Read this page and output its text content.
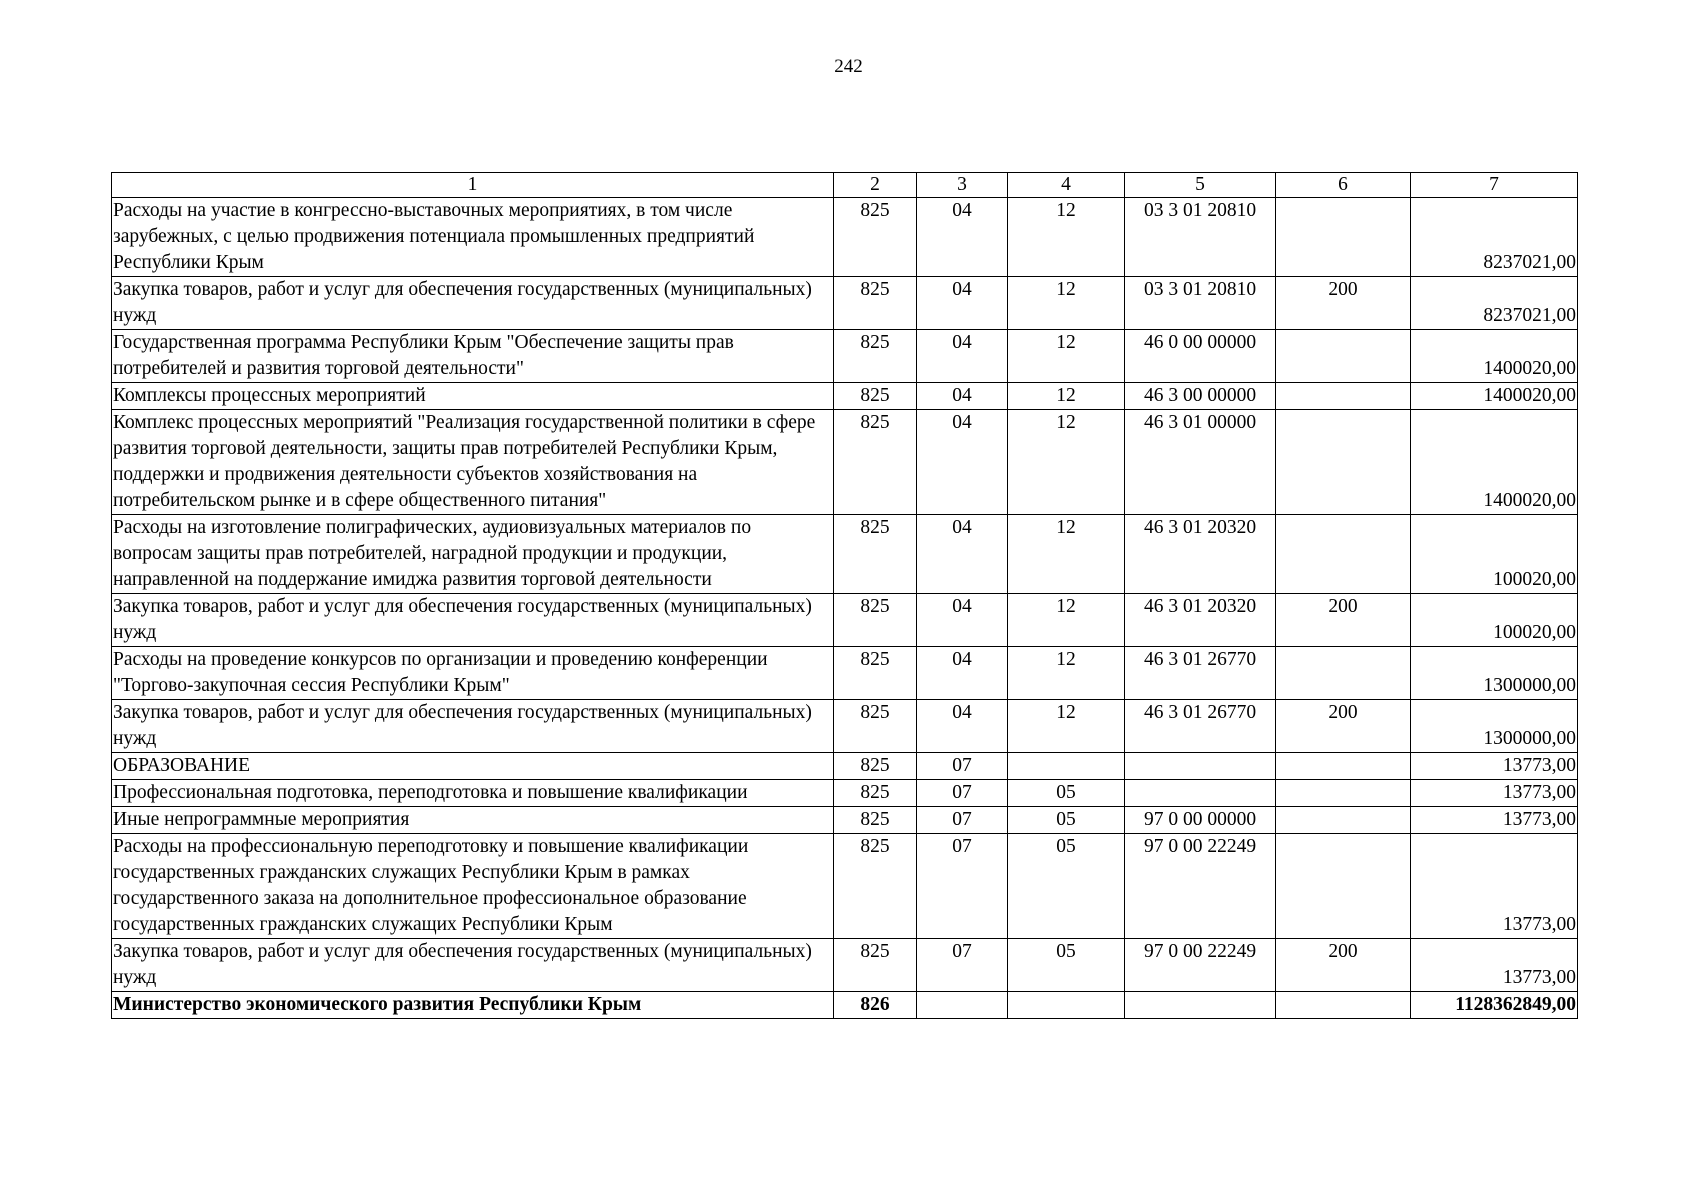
242
1	2	3	4	5	6	7
Расходы на участие в конгрессно-выставочных мероприятиях, в том числе зарубежных, с целью продвижения потенциала промышленных предприятий Республики Крым	825	04	12	03 3 01 20810		8237021,00
Закупка товаров, работ и услуг для обеспечения государственных (муниципальных) нужд	825	04	12	03 3 01 20810	200	8237021,00
Государственная программа Республики Крым "Обеспечение защиты прав потребителей и развития торговой деятельности"	825	04	12	46 0 00 00000		1400020,00
Комплексы процессных мероприятий	825	04	12	46 3 00 00000		1400020,00
Комплекс процессных мероприятий "Реализация государственной политики в сфере развития торговой деятельности, защиты прав потребителей Республики Крым, поддержки и продвижения деятельности субъектов хозяйствования на потребительском рынке и в сфере общественного питания"	825	04	12	46 3 01 00000		1400020,00
Расходы на изготовление полиграфических, аудиовизуальных материалов по вопросам защиты прав потребителей, наградной продукции и продукции, направленной на поддержание имиджа развития торговой деятельности	825	04	12	46 3 01 20320		100020,00
Закупка товаров, работ и услуг для обеспечения государственных (муниципальных) нужд	825	04	12	46 3 01 20320	200	100020,00
Расходы на проведение конкурсов по организации и проведению конференции "Торгово-закупочная сессия Республики Крым"	825	04	12	46 3 01 26770		1300000,00
Закупка товаров, работ и услуг для обеспечения государственных (муниципальных) нужд	825	04	12	46 3 01 26770	200	1300000,00
ОБРАЗОВАНИЕ	825	07				13773,00
Профессиональная подготовка, переподготовка и повышение квалификации	825	07	05			13773,00
Иные непрограммные мероприятия	825	07	05	97 0 00 00000		13773,00
Расходы на профессиональную переподготовку и повышение квалификации государственных гражданских служащих Республики Крым в рамках государственного заказа на дополнительное профессиональное образование государственных гражданских служащих Республики Крым	825	07	05	97 0 00 22249		13773,00
Закупка товаров, работ и услуг для обеспечения государственных (муниципальных) нужд	825	07	05	97 0 00 22249	200	13773,00
Министерство экономического развития Республики Крым	826					1128362849,00
